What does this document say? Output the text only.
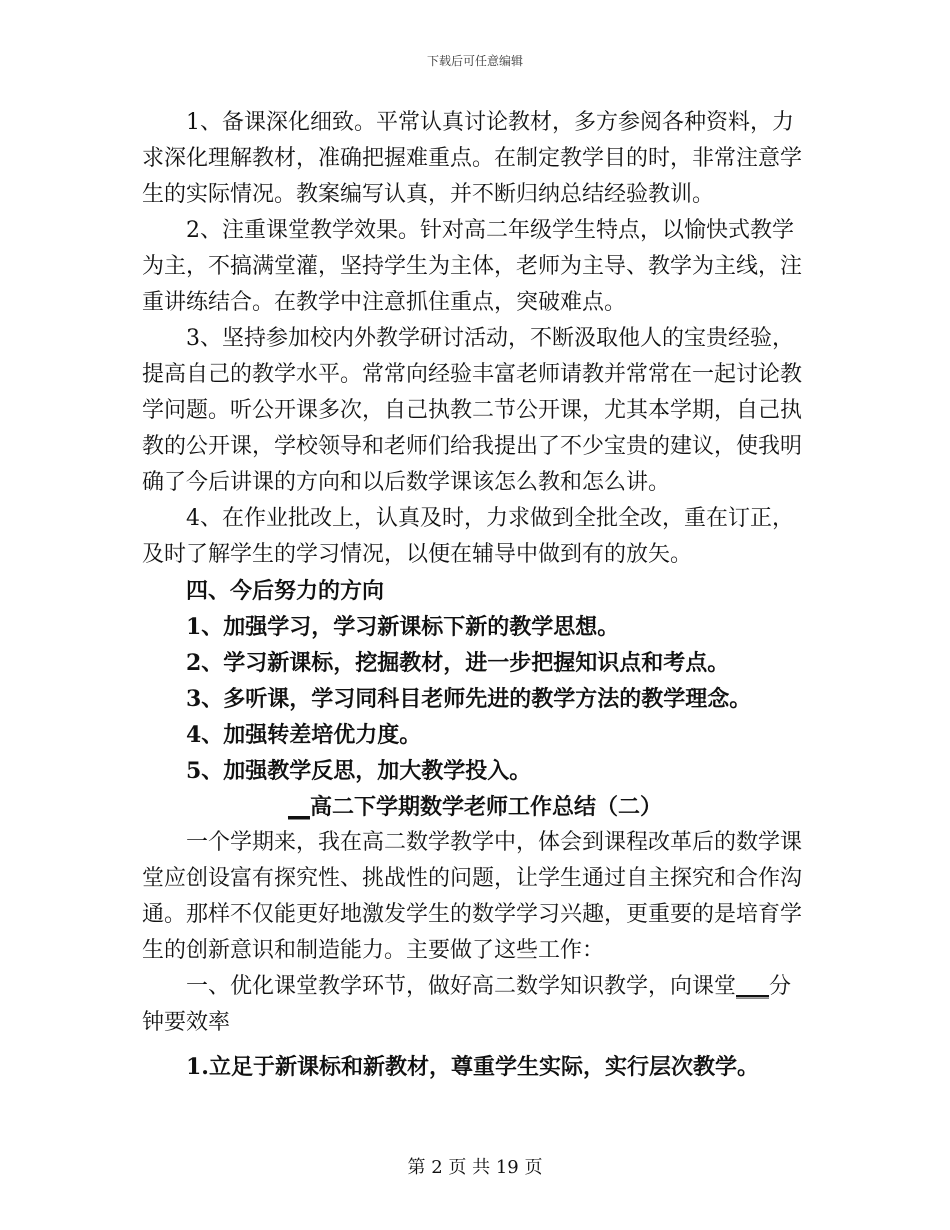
下载后可任意编辑

1、备课深化细致。平常认真讨论教材，多方参阅各种资料，力求深化理解教材，准确把握难重点。在制定教学目的时，非常注意学生的实际情况。教案编写认真，并不断归纳总结经验教训。

2、注重课堂教学效果。针对高二年级学生特点，以愉快式教学为主，不搞满堂灌，坚持学生为主体，老师为主导、教学为主线，注重讲练结合。在教学中注意抓住重点，突破难点。

3、坚持参加校内外教学研讨活动，不断汲取他人的宝贵经验，提高自己的教学水平。常常向经验丰富老师请教并常常在一起讨论教学问题。听公开课多次，自己执教二节公开课，尤其本学期，自己执教的公开课，学校领导和老师们给我提出了不少宝贵的建议，使我明确了今后讲课的方向和以后数学课该怎么教和怎么讲。

4、在作业批改上，认真及时，力求做到全批全改，重在订正，及时了解学生的学习情况，以便在辅导中做到有的放矢。

四、今后努力的方向

1、加强学习，学习新课标下新的教学思想。

2、学习新课标，挖掘教材，进一步把握知识点和考点。

3、多听课，学习同科目老师先进的教学方法的教学理念。

4、加强转差培优力度。

5、加强教学反思，加大教学投入。

__高二下学期数学老师工作总结（二）

一个学期来，我在高二数学教学中，体会到课程改革后的数学课堂应创设富有探究性、挑战性的问题，让学生通过自主探究和合作沟通。那样不仅能更好地激发学生的数学学习兴趣，更重要的是培育学生的创新意识和制造能力。主要做了这些工作：

一、优化课堂教学环节，做好高二数学知识教学，向课堂___分钟要效率

1.立足于新课标和新教材，尊重学生实际，实行层次教学。

第 2 页 共 19 页
